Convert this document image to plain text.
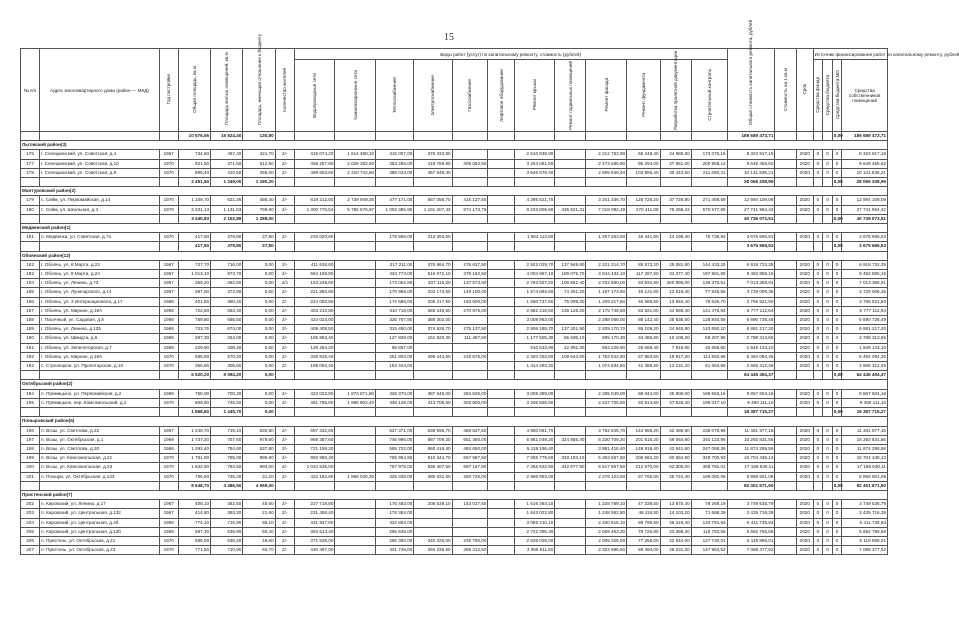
15
№ п/п	Адрес многоквартирного дома (район — МКД)	Год постройки	Общая площадь, кв.м	Площадь жилых помещений, кв.м	Площадь, имеющая отношение к бюджету	Количество жителей	Виды работ (услуг) по капитальному ремонту, стоимость (рублей)												Общая стоимость капитального ремонта, рублей	Стоимость на 1 кв.м	Срок	Источник финансирования работ по капитальному ремонту, рублей			
							Водопроводные сети	Канализационные сети	Теплоснабжение	Электроснабжение	Газоснабжение	Лифтовое оборудование	Ремонт крыши	Ремонт подвальных помещений	Ремонт фасада	Ремонт фундамента	Разработка проектной документации	Строительный контроль				Средства фонда	Средства бюджета	Средства бюджета МО	Средства собственников помещений
			10 576,55	15 624,40	130,80														189 689 473,71					0,00	189 689 473,71
Льговский район(3)																									
175	г. Селецкинский, ул. Советская, д.4	1967	734,50	467,40	421,70	2/-	419 074,20	1 614 488,10	316 007,00	375 333,90			2 510 838,00		2 212 783,90	65 248,40	24 986,60	173 076,15	8 323 917,16		2020	0	0	0	8 323 917,16
177	г. Селецкинский, ул. Советская, д.10	1970	821,50	371,50	512,50	2/-	458 287,80	2 028 282,50	383 285,00	418 789,90	309 062,50		3 253 061,50		2 473 586,90	95 294,00	27 951,00	200 958,12	9 649 455,62		2020	0	0	0	9 649 455,62
178	г. Селецкинский, ул. Советская, д.8	1970	895,40	410,50	256,00	2/-	499 653,60	2 210 742,60	385 023,00	457 549,40			3 546 679,40		2 695 849,40	103 866,40	30 443,60	211 050,21	10 141 836,21		2020	0	0	0	10 141 836,21
			2 451,50	1 249,00	1 190,20														28 065 208,99					0,00	28 065 208,99
Мантуровский район(2)																									
179	с. Сейм, ул. Первомайская, д.14	1970	1 109,70	621,36	488,40	2/-	619 212,60	2 739 949,30	477 171,00	567 056,70	416 137,50		4 395 521,70		3 341 336,70	128 726,20	37 729,80	271 458,59	12 994 109,09		2020	0	0	0	12 994 109,09
180	с. Сейм, ул. Школьная, д.3	1970	2 331,13	1 131,53	799,60	2/-	1 300 770,54	5 755 676,97	1 002 385,90	1 191 207,43	874 173,75		9 233 806,60	435 621,31	7 018 092,49	270 411,08	79 258,42	570 577,66	27 741 964,42		2020	0	0	0	27 741 964,42
			3 440,83	2 152,89	1 288,00														40 736 073,51					0,00	40 736 073,51
Медвенский район(1)																									
181	п. Медвенка, ул. Советская, д.74	1970	417,60	379,80	37,80	2/-	233 020,80		178 566,00	213 393,60			1 654 113,60		1 257 263,60	48 441,60	14 198,40	76 738,92	3 675 666,53		2020	0	0	0	3 675 666,53
			417,60	379,80	37,80														3 675 666,53					0,00	3 675 666,53
Обоянский район(12)																									
182	г. Обоянь, ул. 8 Марта, д.22	1967	737,70	716,00	0,00	2/-	411 636,60		317 211,00	376 964,70	276 637,50		2 922 029,70	137 949,90	2 221 214,70	85 573,20	25 081,80	144 433,25	6 918 732,35		2020	0	0	0	6 918 732,35
183	г. Обоянь, ул. 8 Марта, д.24	1967	1 013,10	973,70	0,00	2/-	564 109,80		434 773,00	516 672,10	379 162,50		4 004 967,10	189 075,70	3 044 432,10	117 287,60	34 377,40	197 961,85	9 482 855,15		2020	0	0	0	9 482 855,15
184	г. Обоянь, ул. Ленина, д.73	1967	359,20	282,60	0,00	2/з	153 248,60		173 052,80	307 116,00	137 573,80		2 793 527,20	106 652,40	2 702 560,00	93 632,80	360 996,00	136 376,51	7 013 368,91		2020	0	0	0	7 013 368,91
185	г. Обоянь, ул. Луначарского, д.14	1967	397,60	373,80	0,00	2/-	221 860,80		170 968,00	203 173,60	149 100,00		1 574 893,60	74 351,20	1 197 173,60	46 121,60	13 518,40	77 846,55	3 729 006,35		2020	0	0	0	3 729 006,35
186	г. Обоянь, ул. 3 Интернационала, д.17	1968	401,60	390,40	0,00	2/-	224 092,80		172 688,00	205 217,60	150 600,00		1 590 737,60	75 099,20	1 209 217,60	46 585,60	13 654,40	78 629,70	3 766 521,50		2020	0	0	0	3 766 521,50
187	г. Обоянь, ул. Мирная, д.19А	1968	722,60	653,40	0,00	2/-	403 210,80		310 718,00	369 248,60	270 975,00		2 862 218,60	135 126,20	2 175 748,60	83 821,60	24 568,40	141 476,84	6 777 112,64		2020	0	0	0	6 777 112,64
188	г. Пасечный, ул. Садовая, д.8	1968	759,80	695,50	0,00	2/-	424 024,00		326 757,80	388 302,00			3 009 963,00		2 288 058,00	88 142,40	25 835,60	128 840,59	6 690 738,49		2020	0	0	0	6 690 738,49
189	г. Обоянь, ул. Ленина, д.135	1969	733,75	674,00	0,00	2/-	409 408,50		315 490,00	374 926,70	275 137,50		2 906 185,70	137 201,90	2 209 170,70	85 109,20	24 945,80	143 650,10	6 881 217,20		2020	0	0	0	6 881 217,20
190	г. Обоянь, ул. Шмидта, д.6	1969	297,30	254,00	0,00	2/-	165 893,40		127 839,00	151 920,30	111 487,50		1 177 605,30	55 595,10	895 170,30	34 486,80	10 108,20	58 207,95	2 788 313,65		2020	0	0	0	2 788 313,65
191	г. Обоянь, ул. Зеленогорская, д.7	1969	229,90	208,20	0,00	2/-	128 284,20		98 857,00				910 633,90	42 991,30	692 228,90	26 668,40	7 816,60	40 658,60	1 948 133,10		2020	0	0	0	1 948 133,10
192	г. Обоянь, ул. Мирная, д.19А	1970	585,60	570,20	0,00	2/-	326 815,40		251 804,00	299 243,60	219 575,00		2 320 253,60	109 544,60	1 763 842,80	67 953,60	19 917,20	114 692,96	5 494 094,36		2020	0	0	0	5 494 094,36
193	с. Стрелецкое, ул. Пролетарская, д.10	1970	356,80	306,60	0,00	2/-	199 094,40		153 424,00				1 414 283,20		1 074 834,80	41 388,80	12 131,20	61 654,69	2 955 312,46		2020	0	0	0	2 955 312,46
			6 520,20	6 094,20	0,00														64 445 464,37					0,00	64 445 464,37
Октябрьский район(2)																									
194	п. Прямицыно, ул. Первомайская, д.2	1969	758,00	700,20	0,00	2/-	423 022,80	1 873 871,80	326 370,00	387 646,00	284 625,00		3 006 389,00		2 285 049,00	88 044,00	25 806,00	165 663,16	8 867 604,16		2020	0	0	0	8 867 604,16
195	п. Прямицыно, пер. Комсомольский, д.2	1970	809,60	745,50	0,00	2/-	451 756,80	1 998 902,40	348 128,00	413 705,60	303 600,00		3 206 825,60		2 437 705,60	93 913,60	27 526,40	198 047,10	9 480 111,10		2020	0	0	0	9 480 111,10
			1 568,60	1 445,70	0,00														18 387 715,27					0,00	18 387 715,27
Поныровский район(6)																									
196	п. Возы, ул. Светлова, д.22	1967	1 249,70	719,10	530,60	2/-	697 332,60		537 371,00	638 596,70	468 637,50		4 950 061,70		3 762 846,70	144 965,20	42 489,80	238 079,96	11 481 977,16		2020	0	0	0	11 481 977,16
197	п. Возы, ул. Октябрьская, д.1	1969	1 737,20	757,60	979,60	2/-	969 357,60		746 996,00	887 709,20	651 450,00		6 881 049,20	324 856,40	5 230 709,20	201 515,20	59 064,80	340 123,96	16 292 831,56		2020	0	0	0	16 292 831,56
198	п. Возы, ул. Светлова, д.20	1968	1 292,40	754,60	537,80	2/-	721 159,20		555 732,00	660 416,40	484 650,00		5 119 196,40		3 891 416,40	149 918,40	43 941,60	247 068,36	11 874 295,56		2020	0	0	0	11 874 295,56
199	п. Возы, ул. Комсомольская, д.21	1970	1 781,90	785,00	995,80	2/-	992 960,40		765 954,50	910 344,70	667 987,50		7 055 779,60	333 103,10	5 363 567,60	206 584,20	60 564,80	348 700,93	16 704 439,13		2020	0	0	0	16 704 439,13
200	п. Возы, ул. Комсомольская, д.23	1970	1 832,50	794,50	994,00	2/-	1 022 535,00		787 975,00	936 407,50	687 187,50		7 256 532,50	342 677,50	5 517 657,50	212 570,00	62 305,00	358 782,01	17 186 630,11		2020	0	0	0	17 186 630,11
201	п. Поныри, ул. Октябрьская, д.133	1970	756,60	725,40	31,20	2/-	422 182,80	1 868 040,30	325 338,00	386 622,60	283 725,00		2 996 893,00		2 278 123,60	87 765,60	25 724,40	185 082,08	8 859 501,08		2020	0	0	0	8 859 501,08
			8 648,70	4 486,50	4 069,00														82 401 671,60					0,00	82 401 671,60
Пристенский район(7)																									
202	п. Кировский, ул. Ленина, д.17	1967	408,10	362,50	45,60	2/-	227 719,80		175 483,00	208 539,10	153 037,50		1 616 484,10		1 228 789,10	47 339,60	13 875,40	78 268,19	3 749 535,79		2020	0	0	0	3 749 535,79
203	п. Кировский, ул. Центральная, д.132	1967	414,80	393,20	21,60	2/-	231 458,40		178 364,00				1 643 022,80		1 248 962,80	48 116,80	14 103,20	71 688,39	3 435 716,39		2020	0	0	0	3 435 716,39
204	п. Кировский, ул. Центральная, д.4б	1969	774,10	716,90	58,10	2/-	431 947,80		332 863,00				3 066 210,10		2 330 815,10	89 795,60	26 319,40	133 794,83	6 411 735,83		2020	0	0	0	6 411 735,83
205	п. Кировский, ул. Центральная, д.13б	1969	687,30	636,90	50,40	2/-	383 513,40		295 539,00				2 722 395,30		2 069 463,30	79 726,80	23 368,20	118 783,56	5 692 786,56		2020	0	0	0	5 692 786,56
206	п. Пристень, ул. Октябрьская, д.21	1970	686,00	636,40	49,60	2/-	371 628,00		286 380,00	340 326,00	249 750,00		2 638 026,00		2 005 326,00	77 256,00	22 644,00	127 730,01	6 119 866,01		2020	0	0	0	6 119 866,01
207	п. Пристень, ул. Октябрьская, д.23	1970	771,50	710,90	60,70	2/-	430 497,00		331 745,00	394 236,50	289 312,50		3 055 911,50		2 322 986,50	89 494,00	26 231,00	147 963,52	7 088 377,52		2020	0	0	0	7 088 377,52
